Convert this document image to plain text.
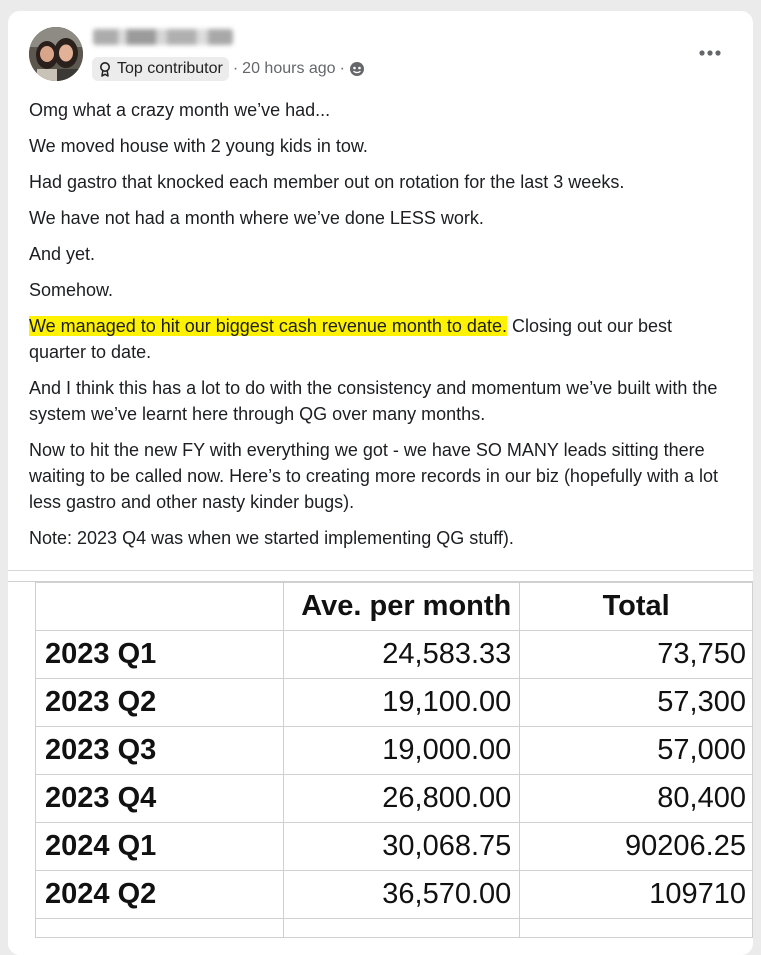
Top contributor · 20 hours ago ·

Omg what a crazy month we’ve had...

We moved house with 2 young kids in tow.

Had gastro that knocked each member out on rotation for the last 3 weeks.

We have not had a month where we’ve done LESS work.

And yet.

Somehow.

We managed to hit our biggest cash revenue month to date. Closing out our best quarter to date.

And I think this has a lot to do with the consistency and momentum we’ve built with the system we’ve learnt here through QG over many months.

Now to hit the new FY with everything we got - we have SO MANY leads sitting there waiting to be called now. Here’s to creating more records in our biz (hopefully with a lot less gastro and other nasty kinder bugs).

Note: 2023 Q4 was when we started implementing QG stuff).

	Ave. per month	Total
2023 Q1	24,583.33	73,750
2023 Q2	19,100.00	57,300
2023 Q3	19,000.00	57,000
2023 Q4	26,800.00	80,400
2024 Q1	30,068.75	90206.25
2024 Q2	36,570.00	109710
